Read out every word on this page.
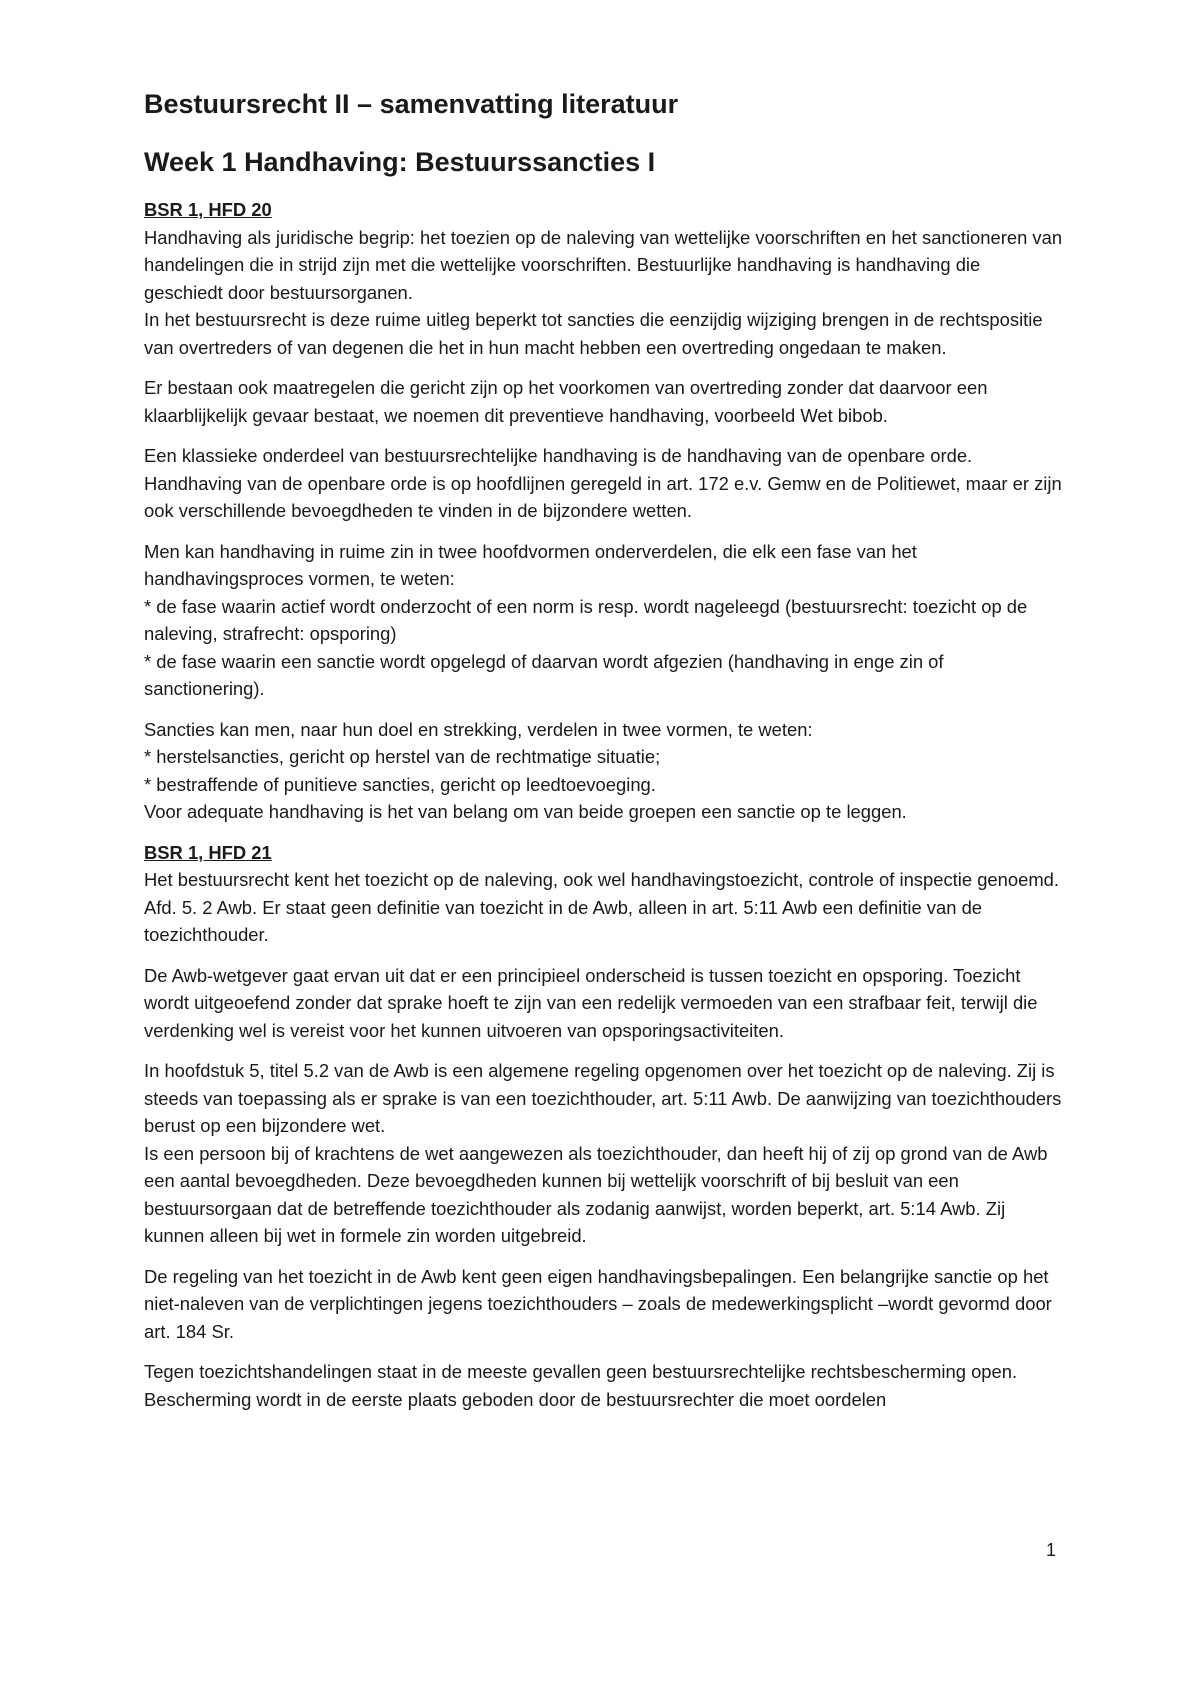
Bestuursrecht II – samenvatting literatuur
Week 1 Handhaving: Bestuurssancties I
BSR 1, HFD 20

Handhaving als juridische begrip: het toezien op de naleving van wettelijke voorschriften en het sanctioneren van handelingen die in strijd zijn met die wettelijke voorschriften. Bestuurlijke handhaving is handhaving die geschiedt door bestuursorganen.

In het bestuursrecht is deze ruime uitleg beperkt tot sancties die eenzijdig wijziging brengen in de rechtspositie van overtreders of van degenen die het in hun macht hebben een overtreding ongedaan te maken.

Er bestaan ook maatregelen die gericht zijn op het voorkomen van overtreding zonder dat daarvoor een klaarblijkelijk gevaar bestaat, we noemen dit preventieve handhaving, voorbeeld Wet bibob.

Een klassieke onderdeel van bestuursrechtelijke handhaving is de handhaving van de openbare orde. Handhaving van de openbare orde is op hoofdlijnen geregeld in art. 172 e.v. Gemw en de Politiewet, maar er zijn ook verschillende bevoegdheden te vinden in de bijzondere wetten.

Men kan handhaving in ruime zin in twee hoofdvormen onderverdelen, die elk een fase van het handhavingsproces vormen, te weten:

* de fase waarin actief wordt onderzocht of een norm is resp. wordt nageleegd (bestuursrecht: toezicht op de naleving, strafrecht: opsporing)

* de fase waarin een sanctie wordt opgelegd of daarvan wordt afgezien (handhaving in enge zin of sanctionering).

Sancties kan men, naar hun doel en strekking, verdelen in twee vormen, te weten:

* herstelsancties, gericht op herstel van de rechtmatige situatie;

* bestraffende of punitieve sancties, gericht op leedtoevoeging.

Voor adequate handhaving is het van belang om van beide groepen een sanctie op te leggen.

BSR 1, HFD 21

Het bestuursrecht kent het toezicht op de naleving, ook wel handhavingstoezicht, controle of inspectie genoemd. Afd. 5. 2 Awb. Er staat geen definitie van toezicht in de Awb, alleen in art. 5:11 Awb een definitie van de toezichthouder.

De Awb-wetgever gaat ervan uit dat er een principieel onderscheid is tussen toezicht en opsporing. Toezicht wordt uitgeoefend zonder dat sprake hoeft te zijn van een redelijk vermoeden van een strafbaar feit, terwijl die verdenking wel is vereist voor het kunnen uitvoeren van opsporingsactiviteiten.

In hoofdstuk 5, titel 5.2 van de Awb is een algemene regeling opgenomen over het toezicht op de naleving. Zij is steeds van toepassing als er sprake is van een toezichthouder, art. 5:11 Awb. De aanwijzing van toezichthouders berust op een bijzondere wet.

Is een persoon bij of krachtens de wet aangewezen als toezichthouder, dan heeft hij of zij op grond van de Awb een aantal bevoegdheden. Deze bevoegdheden kunnen bij wettelijk voorschrift of bij besluit van een bestuursorgaan dat de betreffende toezichthouder als zodanig aanwijst, worden beperkt, art. 5:14 Awb. Zij kunnen alleen bij wet in formele zin worden uitgebreid.

De regeling van het toezicht in de Awb kent geen eigen handhavingsbepalingen. Een belangrijke sanctie op het niet-naleven van de verplichtingen jegens toezichthouders – zoals de medewerkingsplicht –wordt gevormd door art. 184 Sr.

Tegen toezichtshandelingen staat in de meeste gevallen geen bestuursrechtelijke rechtsbescherming open. Bescherming wordt in de eerste plaats geboden door de bestuursrechter die moet oordelen

1
